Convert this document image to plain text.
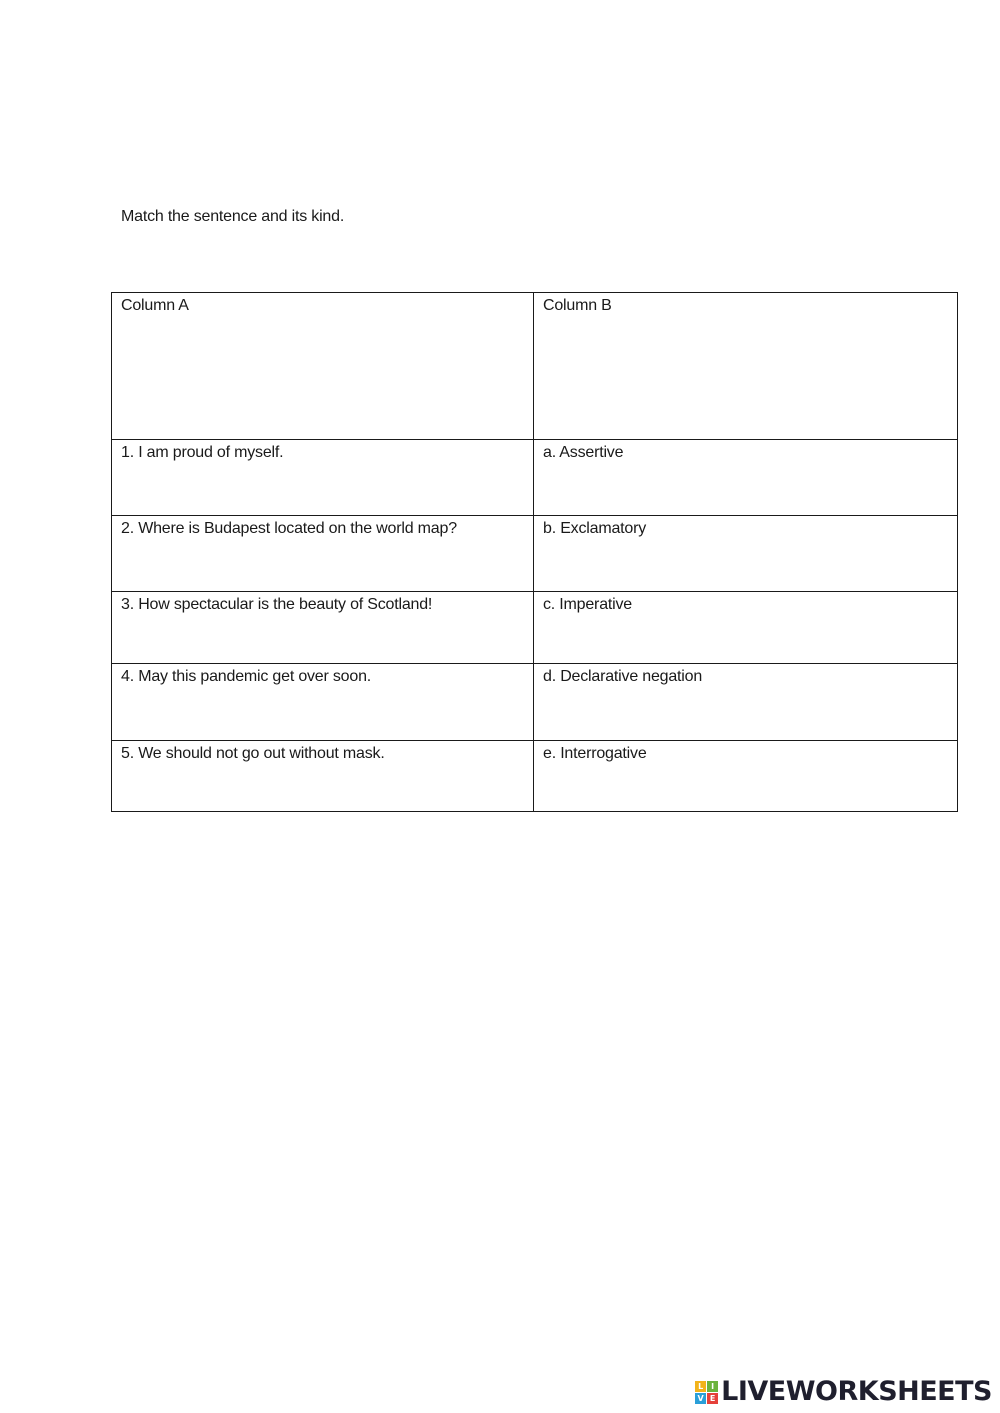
Match the sentence and its kind.
Column A	Column B
1. I am proud of myself.	a. Assertive
2. Where is Budapest located on the world map?	b. Exclamatory
3. How spectacular is the beauty of Scotland!	c. Imperative
4. May this pandemic get over soon.	d. Declarative negation
5. We should not go out without mask.	e. Interrogative
L I
V E LIVEWORKSHEETS
